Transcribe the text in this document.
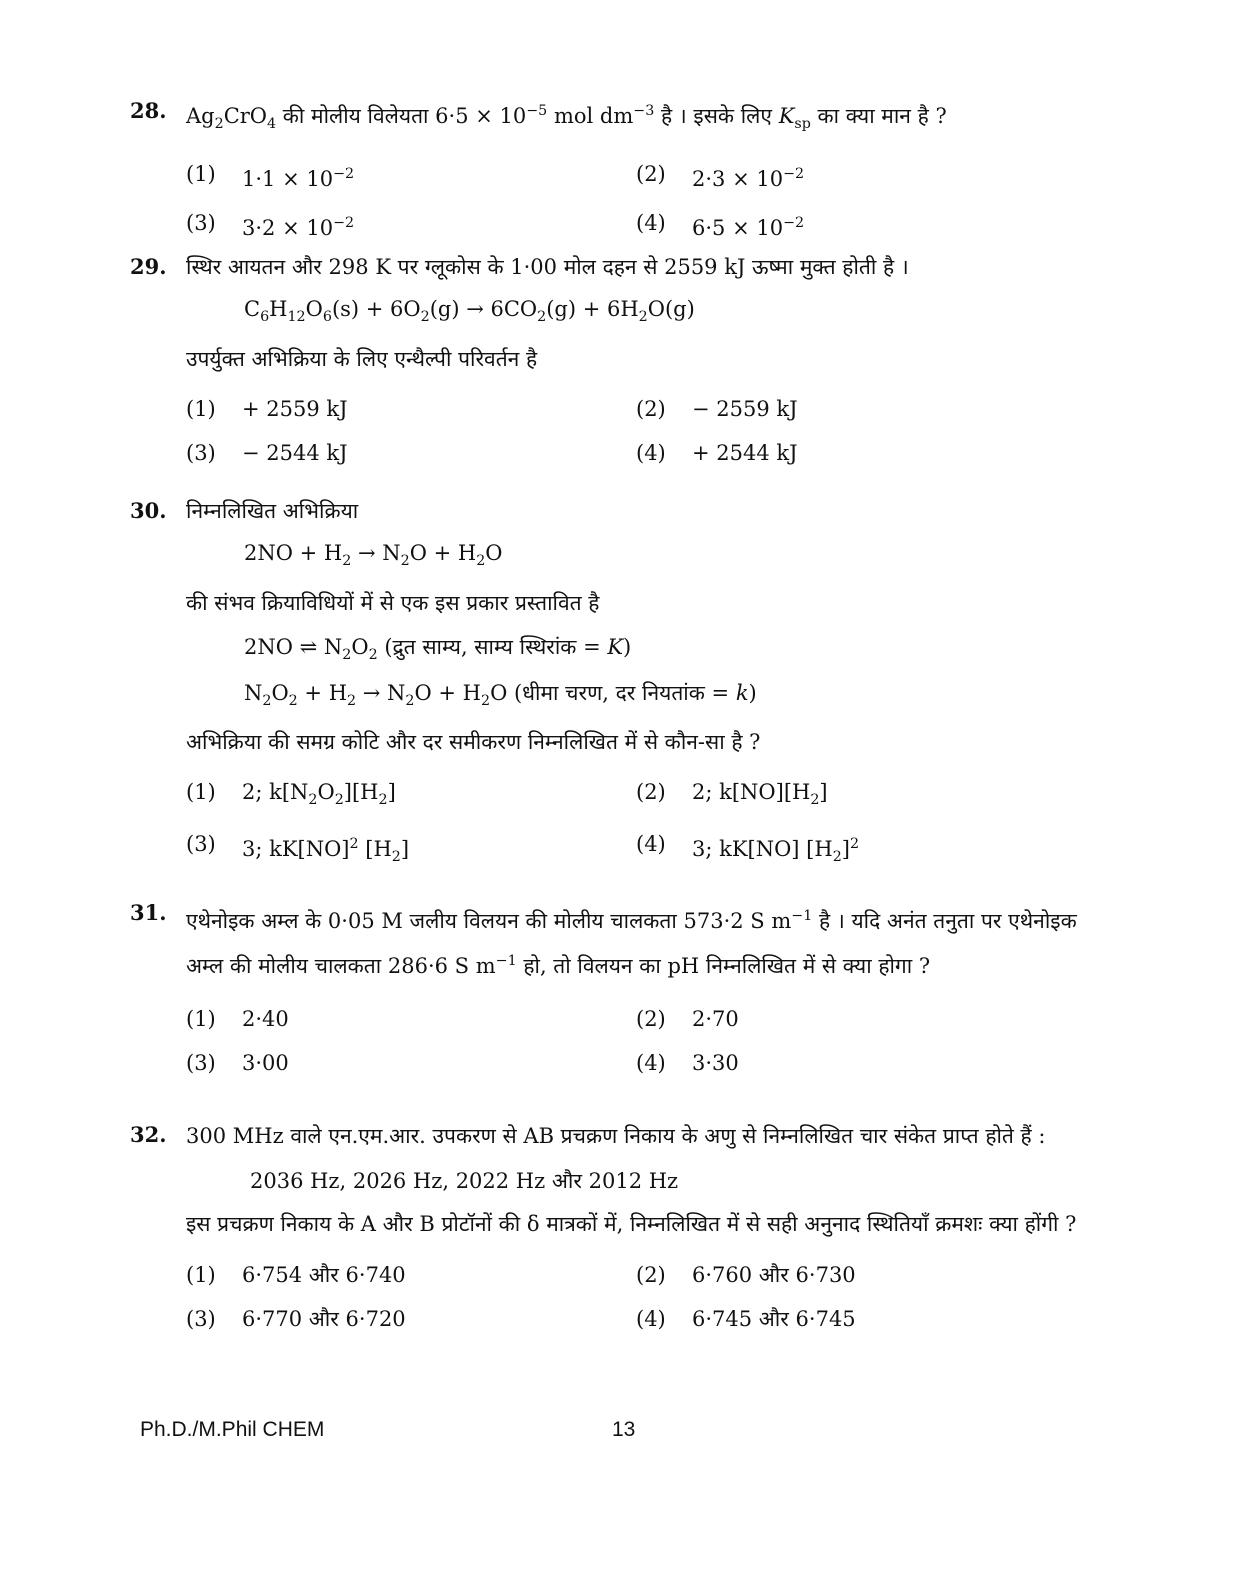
28. $Ag_2CrO_4$ की मोलीय विलेयता $6\cdot 5 \times 10^{-5}$ mol $dm^{-3}$ है । इसके लिए $K_{sp}$ का क्या मान है ?
(1)	$1\cdot 1 \times 10^{-2}$	(2)	$2\cdot 3 \times 10^{-2}$
(3)	$3\cdot 2 \times 10^{-2}$	(4)	$6\cdot 5 \times 10^{-2}$
29. स्थिर आयतन और 298 K पर ग्लूकोस के 1·00 मोल दहन से 2559 kJ ऊष्मा मुक्त होती है ।
$C_6H_{12}O_6(s) + 6O_2(g) \to 6CO_2(g) + 6H_2O(g)$
उपर्युक्त अभिक्रिया के लिए एन्थैल्पी परिवर्तन है
(1)	+ 2559 kJ	(2)	− 2559 kJ
(3)	− 2544 kJ	(4)	+ 2544 kJ
30. निम्नलिखित अभिक्रिया
$2NO + H_2 \to N_2O + H_2O$
की संभव क्रियाविधियों में से एक इस प्रकार प्रस्तावित है
2NO ⇌ $N_2O_2$ (द्रुत साम्य, साम्य स्थिरांक = K)
$N_2O_2 + H_2 \to N_2O + H_2O$ (धीमा चरण, दर नियतांक = k)
अभिक्रिया की समग्र कोटि और दर समीकरण निम्नलिखित में से कौन-सा है ?
(1)	2; $k[N_2O_2][H_2]$	(2)	2; $k[NO][H_2]$
(3)	3; kK[NO]$^2$ $[H_2]$	(4)	3; kK[NO] $[H_2]^2$
31. एथेनोइक अम्ल के 0·05 M जलीय विलयन की मोलीय चालकता 573·2 S $m^{-1}$ है । यदि अनंत तनुता पर एथेनोइक अम्ल की मोलीय चालकता 286·6 S $m^{-1}$ हो, तो विलयन का pH निम्नलिखित में से क्या होगा ?
(1)	2·40	(2)	2·70
(3)	3·00	(4)	3·30
32. 300 MHz वाले एन.एम.आर. उपकरण से AB प्रचक्रण निकाय के अणु से निम्नलिखित चार संकेत प्राप्त होते हैं :
2036 Hz, 2026 Hz, 2022 Hz और 2012 Hz
इस प्रचक्रण निकाय के A और B प्रोटॉनों की δ मात्रकों में, निम्नलिखित में से सही अनुनाद स्थितियाँ क्रमशः क्या होंगी ?
(1)	6·754 और 6·740	(2)	6·760 और 6·730
(3)	6·770 और 6·720	(4)	6·745 और 6·745
Ph.D./M.Phil CHEM	13
